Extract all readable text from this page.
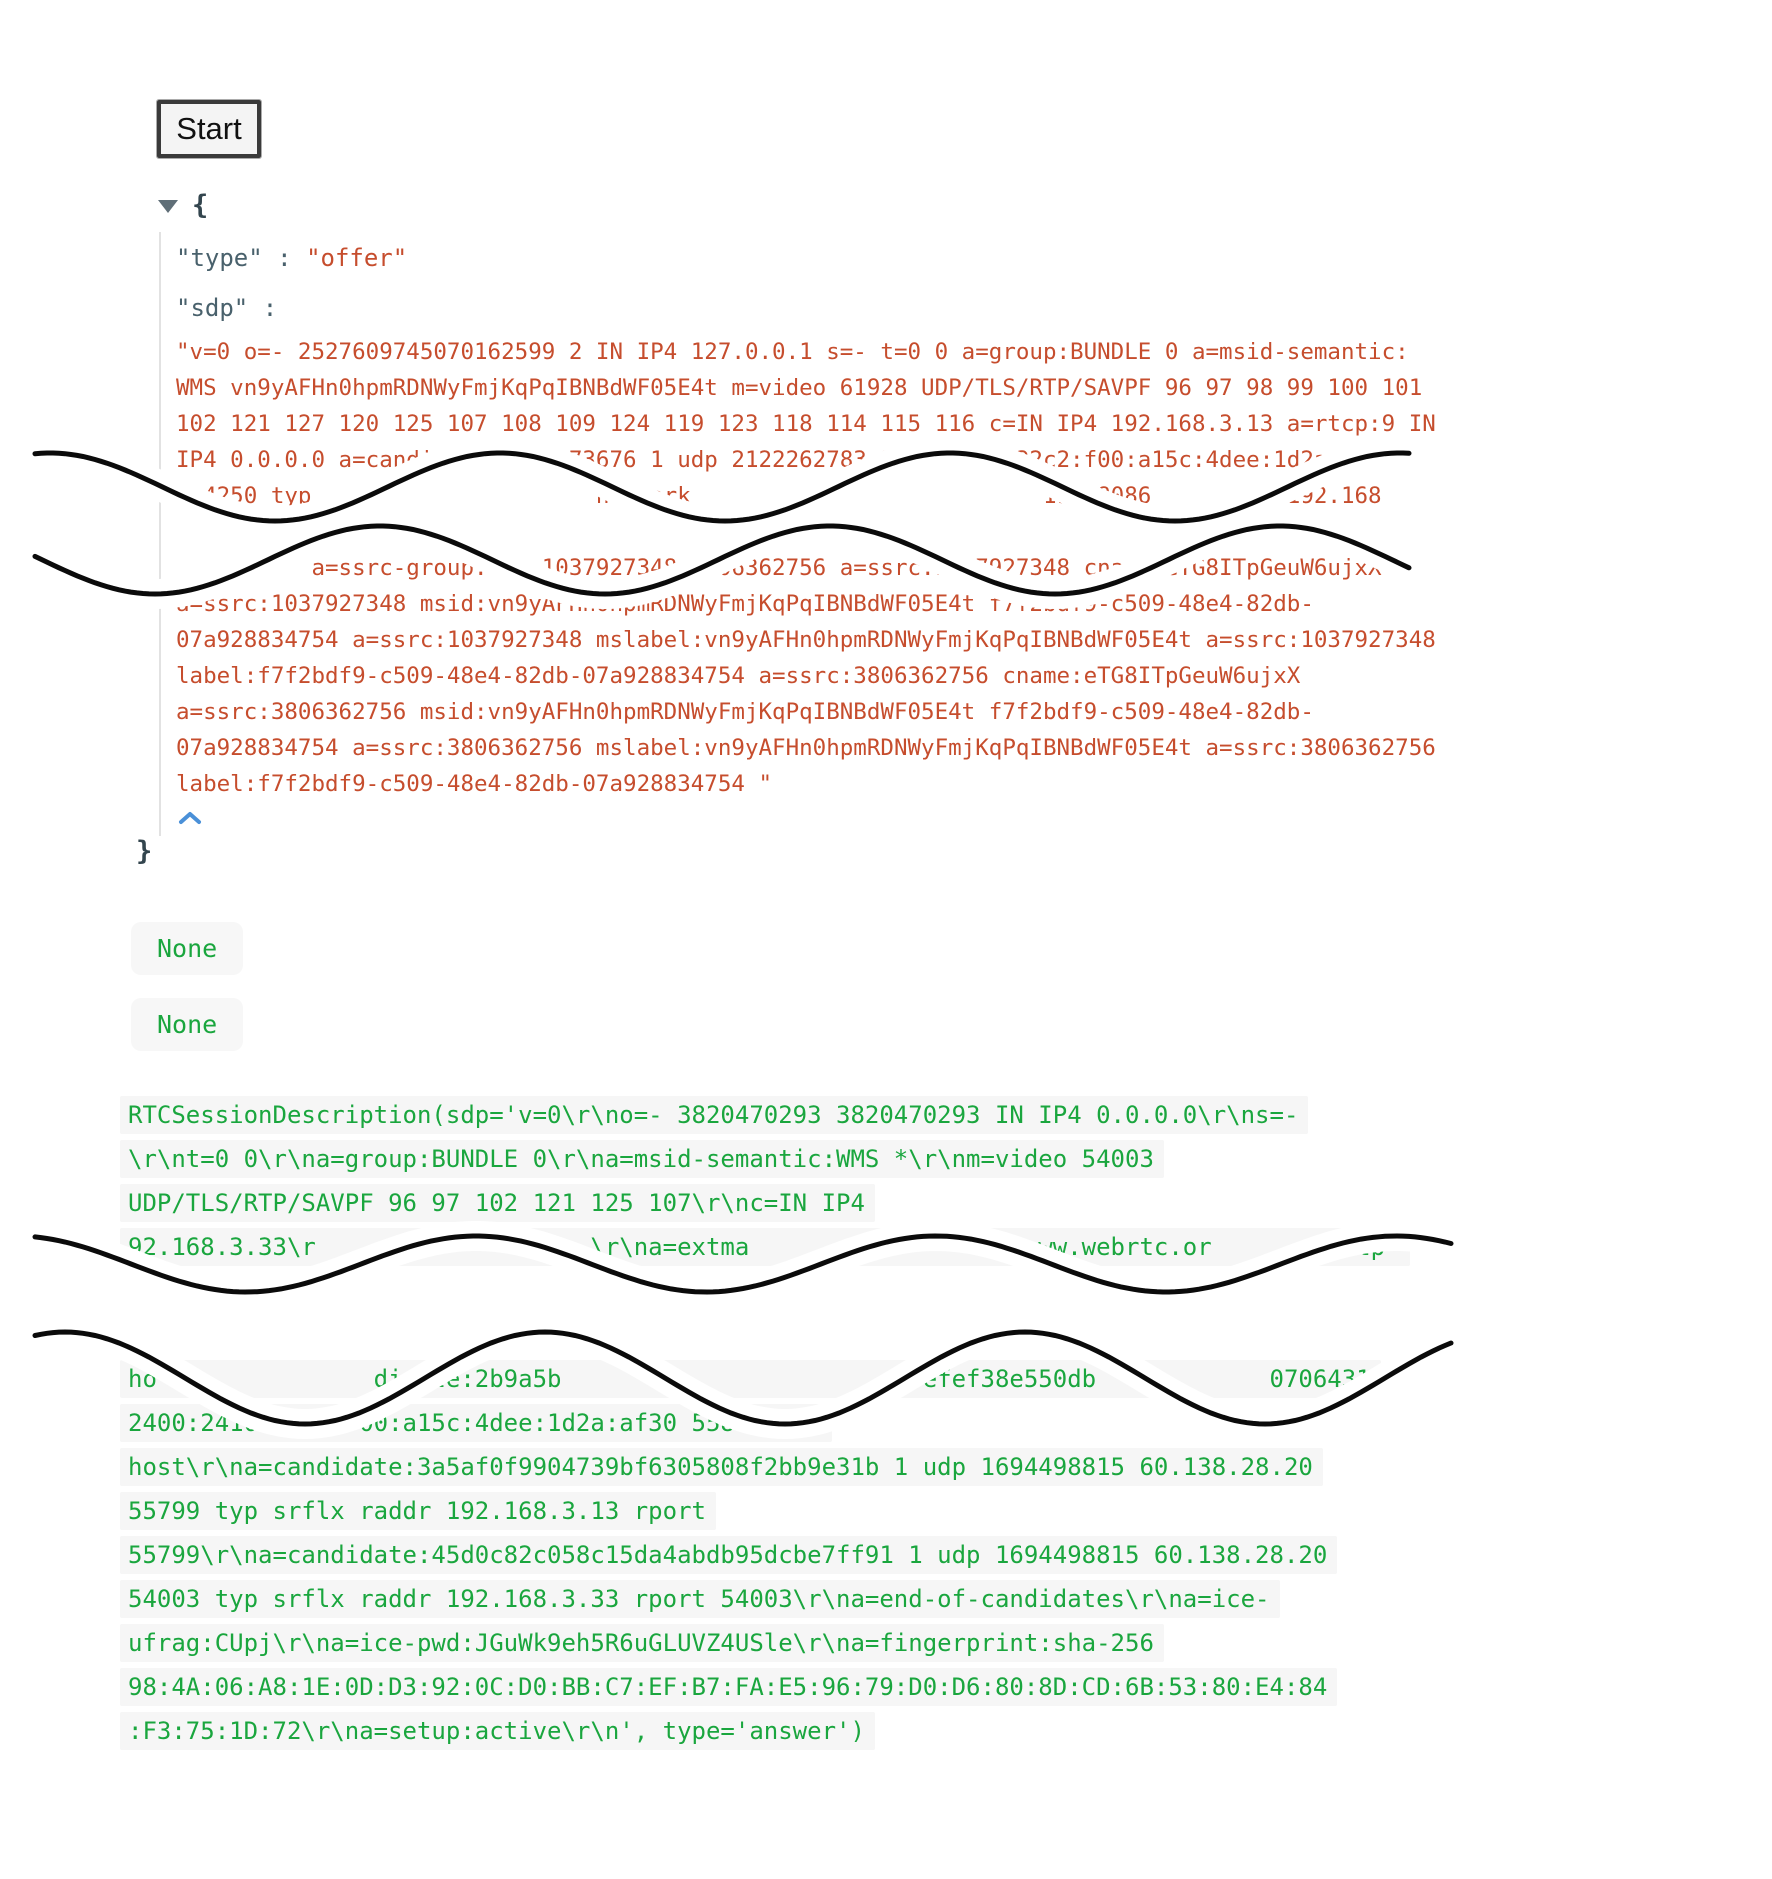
Start
{
"type" : "offer"
"sdp" :
"v=0 o=- 2527609745070162599 2 IN IP4 127.0.0.1 s=- t=0 0 a=group:BUNDLE 0 a=msid-semantic:
WMS vn9yAFHn0hpmRDNWyFmjKqPqIBNBdWF05E4t m=video 61928 UDP/TLS/RTP/SAVPF 96 97 98 99 100 101
102 121 127 120 125 107 108 109 124 119 123 118 114 115 116 c=IN IP4 192.168.3.13 a=rtcp:9 IN
IP4 0.0.0.0 a=candidate:2289073676 1 udp 2122262783 2400:2410:32c2:f00:a15c:4dee:1d2a:af30
4250 typ                     network                          19818086        7 192.168
a=ssrc-group:FID 1037927348 3806362756 a=ssrc:1037927348 cname:eTG8ITpGeuW6ujxX
a=ssrc:1037927348 msid:vn9yAFHn0hpmRDNWyFmjKqPqIBNBdWF05E4t f7f2bdf9-c509-48e4-82db-
07a928834754 a=ssrc:1037927348 mslabel:vn9yAFHn0hpmRDNWyFmjKqPqIBNBdWF05E4t a=ssrc:1037927348
label:f7f2bdf9-c509-48e4-82db-07a928834754 a=ssrc:3806362756 cname:eTG8ITpGeuW6ujxX
a=ssrc:3806362756 msid:vn9yAFHn0hpmRDNWyFmjKqPqIBNBdWF05E4t f7f2bdf9-c509-48e4-82db-
07a928834754 a=ssrc:3806362756 mslabel:vn9yAFHn0hpmRDNWyFmjKqPqIBNBdWF05E4t a=ssrc:3806362756
label:f7f2bdf9-c509-48e4-82db-07a928834754 "
}
None
None
RTCSessionDescription(sdp='v=0\r\no=- 3820470293 3820470293 IN IP4 0.0.0.0\r\ns=-
\r\nt=0 0\r\na=group:BUNDLE 0\r\na=msid-semantic:WMS *\r\nm=video 54003
UDP/TLS/RTP/SAVPF 96 97 102 121 125 107\r\nc=IN IP4
92.168.3.33\r                   \r\na=extma                    ww.webrtc.or        /rtp-
ho               didate:2b9a5b                         efef38e550db            0706431
2400:2410:32c2:f00:a15c:4dee:1d2a:af30 55801 typ
host\r\na=candidate:3a5af0f9904739bf6305808f2bb9e31b 1 udp 1694498815 60.138.28.20
55799 typ srflx raddr 192.168.3.13 rport
55799\r\na=candidate:45d0c82c058c15da4abdb95dcbe7ff91 1 udp 1694498815 60.138.28.20
54003 typ srflx raddr 192.168.3.33 rport 54003\r\na=end-of-candidates\r\na=ice-
ufrag:CUpj\r\na=ice-pwd:JGuWk9eh5R6uGLUVZ4USle\r\na=fingerprint:sha-256
98:4A:06:A8:1E:0D:D3:92:0C:D0:BB:C7:EF:B7:FA:E5:96:79:D0:D6:80:8D:CD:6B:53:80:E4:84
:F3:75:1D:72\r\na=setup:active\r\n', type='answer')
